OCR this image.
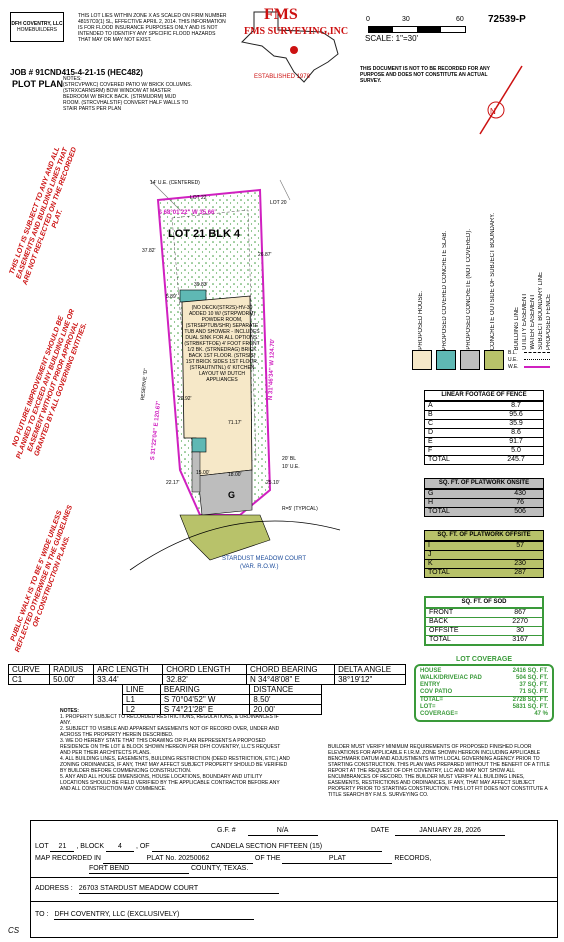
DFH COVENTRY, LLC
HOMEBUILDERS
THIS LOT LIES WITHIN ZONE X AS SCALED ON FIRM NUMBER 48157C0(1) SL, EFFECTIVE APRIL 2, 2014. THIS INFORMATION IS FOR FLOOD INSURANCE PURPOSES ONLY AND IS NOT INTENDED TO IDENTIFY ANY SPECIFIC FLOOD HAZARDS THAT MAY OR MAY NOT EXIST.
FMS
FMS SURVEYING,INC
ESTABLISHED 1978
0	30	60
SCALE: 1"=30'
72539-P
JOB # 91CND415-4-21-15 (HEC482)
PLOT PLAN NOTES:
(STRCVPWKC) COVERED PATIO W/ BRICK COLUMNS. (STRXCARNSRM) BOW WINDOW AT MASTER BEDROOM W/ BRICK BACK. (STRMUDRM) MUD ROOM. (STRCVHALSTIF) CONVERT HALF WALLS TO STAIR PARTS PER PLAN
THIS DOCUMENT IS NOT TO BE RECORDED FOR ANY PURPOSE AND DOES NOT CONSTITUTE AN ACTUAL SURVEY.
N
THIS LOT IS SUBJECT TO ANY AND ALL EASEMENTS AND BUILDING LINES THAT ARE NOT REFLECTED ON THE RECORDED PLAT.
NO FUTURE IMPROVEMENT SHOULD BE PLANNED TO EXCEED ANY BUILDING LINE OR EASEMENT WITHOUT PRIOR APPROVAL GRANTED BY ALL GOVERNING ENTITIES.
PUBLIC WALK IS TO BE 5' WIDE UNLESS REFLECTED OTHERWISE IN THE GUIDELINES OR CONSTRUCTION PLANS.
14' U.E. (CENTERED)
LOT 22
LOT 20
S 68°01'22" W 35.66'
LOT 21 BLK 4
N 31°46'34" W 124.70'
S 31°22'04" E 120.67'
RESERVE "D"
(NO DECK/(STR2S)-HV-30 ADDED 10 W/ (STRPWDRM) POWDER ROOM, (STRSEPTUB/SHR) SEPARATE TUB AND SHOWER - INCLUDES DUAL SINK FOR ALL OPTIONS. (STRBKFTFOE) 4' FOOT FRONT 1/2 BK. (STRNEDRAG) BRICK BACK 1ST FLOOR. (STRSIS) 1ST BRICK SIDES 1ST FLOOR. (STRAUTNTNL) 6' KITCHEN LAYOUT W/ DUTCH APPLIANCES
G
20' BL
10' U.E.
R=5' (TYPICAL)
STARDUST MEADOW COURT
(VAR. R.O.W.)
29.92'
15.00'
22.17'
18.00'
25.10'
39.83'
37.82'
26.87'
5.89'
71.17'
PROPOSED HOUSE.	PROPOSED COVERED CONCRETE SLAB.	PROPOSED CONCRETE (NOT COVERED).	CONCRETE OUTSIDE OF SUBJECT BOUNDARY.	BUILDING LINE UTILITY EASEMENT WATER EASEMENT SUBJECT BOUNDARY LINE PROPOSED FENCE
B.L.
U.E.
W.E.
LINEAR FOOTAGE OF FENCE
A	8.7
B	95.6
C	35.9
D	8.6
E	91.7
F	5.0
TOTAL	245.7
SQ. FT. OF PLATWORK ONSITE
G	430
H	76
TOTAL	506
SQ. FT. OF PLATWORK OFFSITE
I	57
J	
K	230
TOTAL	287
SQ. FT. OF SOD
FRONT	867
BACK	2270
OFFSITE	30
TOTAL	3167
CURVE	RADIUS	ARC LENGTH	CHORD LENGTH	CHORD BEARING	DELTA ANGLE
C1	50.00'	33.44'	32.82'	N 34°48'08" E	38°19'12"
LINE	BEARING	DISTANCE
L1	S 70°04'52" W	8.50'
L2	S 74°21'28" E	20.00'
LOT COVERAGE
HOUSE	2416 SQ. FT.
WALK/DRIVE/AC PAD	504 SQ. FT.
ENTRY	37 SQ. FT.
COV PATIO	71 SQ. FT.
TOTAL=	2728 SQ. FT.
LOT=	5831 SQ. FT.
COVERAGE=	47 %
NOTES:
1. PROPERTY SUBJECT TO RECORDED RESTRICTIONS, REGULATIONS, & ORDINANCES IF ANY.
2. SUBJECT TO VISIBLE AND APPARENT EASEMENTS NOT OF RECORD OVER, UNDER AND ACROSS THE PROPERTY HEREIN DESCRIBED.
3. WE DO HEREBY STATE THAT THIS DRAWING OR PLAN REPRESENTS A PROPOSED RESIDENCE ON THE LOT & BLOCK SHOWN HEREON PER DFH COVENTRY, LLC'S REQUEST AND PER THEIR ARCHITECTS PLANS.
4. ALL BUILDING LINES, EASEMENTS, BUILDING RESTRICTION (DEED RESTRICTION, ETC.) AND ZONING ORDINANCES, IF ANY, THAT MAY AFFECT SUBJECT PROPERTY SHOULD BE VERIFIED BY BUILDER BEFORE COMMENCING CONSTRUCTION.
5. ANY AND ALL HOUSE DIMENSIONS, HOUSE LOCATIONS, BOUNDARY AND UTILITY LOCATIONS SHOULD BE FIELD VERIFIED BY THE APPLICABLE CONTRACTOR BEFORE ANY AND ALL CONSTRUCTION MAY COMMENCE.
BUILDER MUST VERIFY MINIMUM REQUIREMENTS OF PROPOSED FINISHED FLOOR ELEVATIONS FOR APPLICABLE F.I.R.M. ZONE SHOWN HEREON INCLUDING APPLICABLE BENCHMARK DATUM AND ADJUSTMENTS WITH LOCAL GOVERNING AGENCY PRIOR TO STARTING CONSTRUCTION. THIS PLAN WAS PREPARED WITHOUT THE BENEFIT OF A TITLE REPORT AT THE REQUEST OF DFH COVENTRY, LLC AND MAY NOT SHOW ALL ENCUMBRANCES OF RECORD. THE BUILDER MUST VERIFY ALL BUILDING LINES, EASEMENTS, RESTRICTIONS AND ORDINANCES, IF ANY, THAT MAY AFFECT SUBJECT PROPERTY PRIOR TO STARTING CONSTRUCTION. THIS LOT FIT DOES NOT CONSTITUTE A TITLE SEARCH BY F.M.S. SURVEYING CO.
G.F. #	N/A	DATE	JANUARY 28, 2026
LOT 21 , BLOCK 4 , OF	CANDELA SECTION FIFTEEN (15)
MAP RECORDED IN	PLAT No. 20250062	OF THE	PLAT	RECORDS,
FORT BEND	COUNTY, TEXAS.
ADDRESS : 26703 STARDUST MEADOW COURT
TO : DFH COVENTRY, LLC (EXCLUSIVELY)
CS
